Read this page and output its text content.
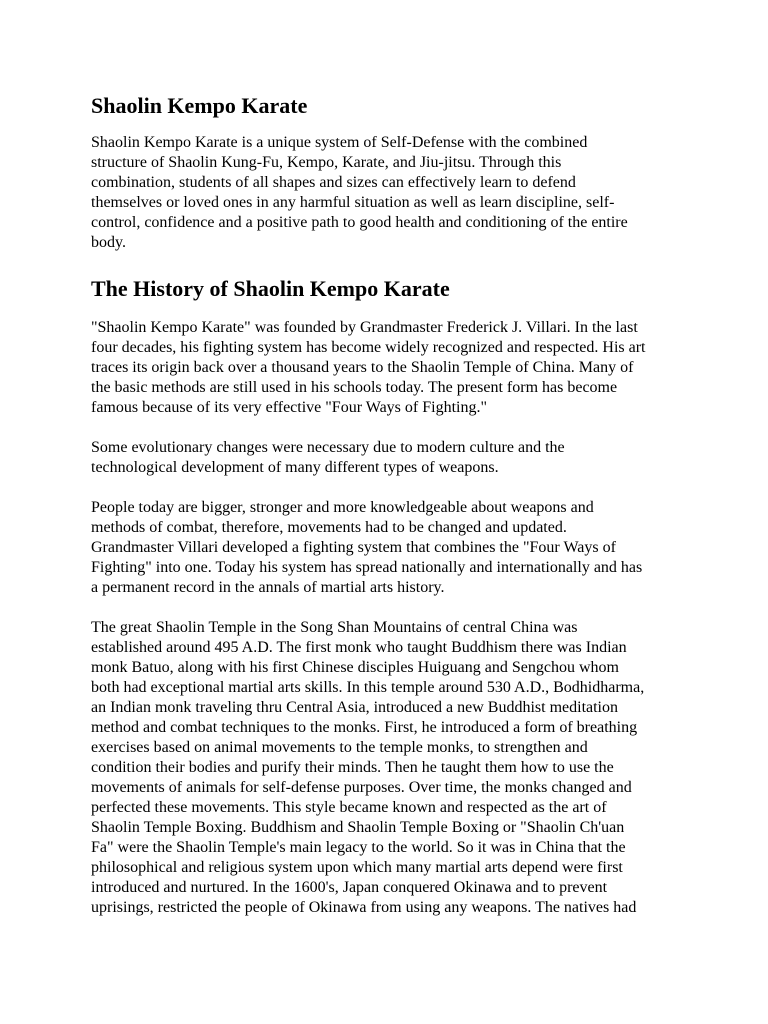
Shaolin Kempo Karate

Shaolin Kempo Karate is a unique system of Self-Defense with the combined
structure of Shaolin Kung-Fu, Kempo, Karate, and Jiu-jitsu. Through this
combination, students of all shapes and sizes can effectively learn to defend
themselves or loved ones in any harmful situation as well as learn discipline, self-
control, confidence and a positive path to good health and conditioning of the entire
body.

The History of Shaolin Kempo Karate

"Shaolin Kempo Karate" was founded by Grandmaster Frederick J. Villari. In the last
four decades, his fighting system has become widely recognized and respected. His art
traces its origin back over a thousand years to the Shaolin Temple of China. Many of
the basic methods are still used in his schools today. The present form has become
famous because of its very effective "Four Ways of Fighting."

Some evolutionary changes were necessary due to modern culture and the
technological development of many different types of weapons.

People today are bigger, stronger and more knowledgeable about weapons and
methods of combat, therefore, movements had to be changed and updated.
Grandmaster Villari developed a fighting system that combines the "Four Ways of
Fighting" into one. Today his system has spread nationally and internationally and has
a permanent record in the annals of martial arts history.

The great Shaolin Temple in the Song Shan Mountains of central China was
established around 495 A.D. The first monk who taught Buddhism there was Indian
monk Batuo, along with his first Chinese disciples Huiguang and Sengchou whom
both had exceptional martial arts skills. In this temple around 530 A.D., Bodhidharma,
an Indian monk traveling thru Central Asia, introduced a new Buddhist meditation
method and combat techniques to the monks. First, he introduced a form of breathing
exercises based on animal movements to the temple monks, to strengthen and
condition their bodies and purify their minds. Then he taught them how to use the
movements of animals for self-defense purposes. Over time, the monks changed and
perfected these movements. This style became known and respected as the art of
Shaolin Temple Boxing. Buddhism and Shaolin Temple Boxing or "Shaolin Ch'uan
Fa" were the Shaolin Temple's main legacy to the world. So it was in China that the
philosophical and religious system upon which many martial arts depend were first
introduced and nurtured. In the 1600's, Japan conquered Okinawa and to prevent
uprisings, restricted the people of Okinawa from using any weapons. The natives had
